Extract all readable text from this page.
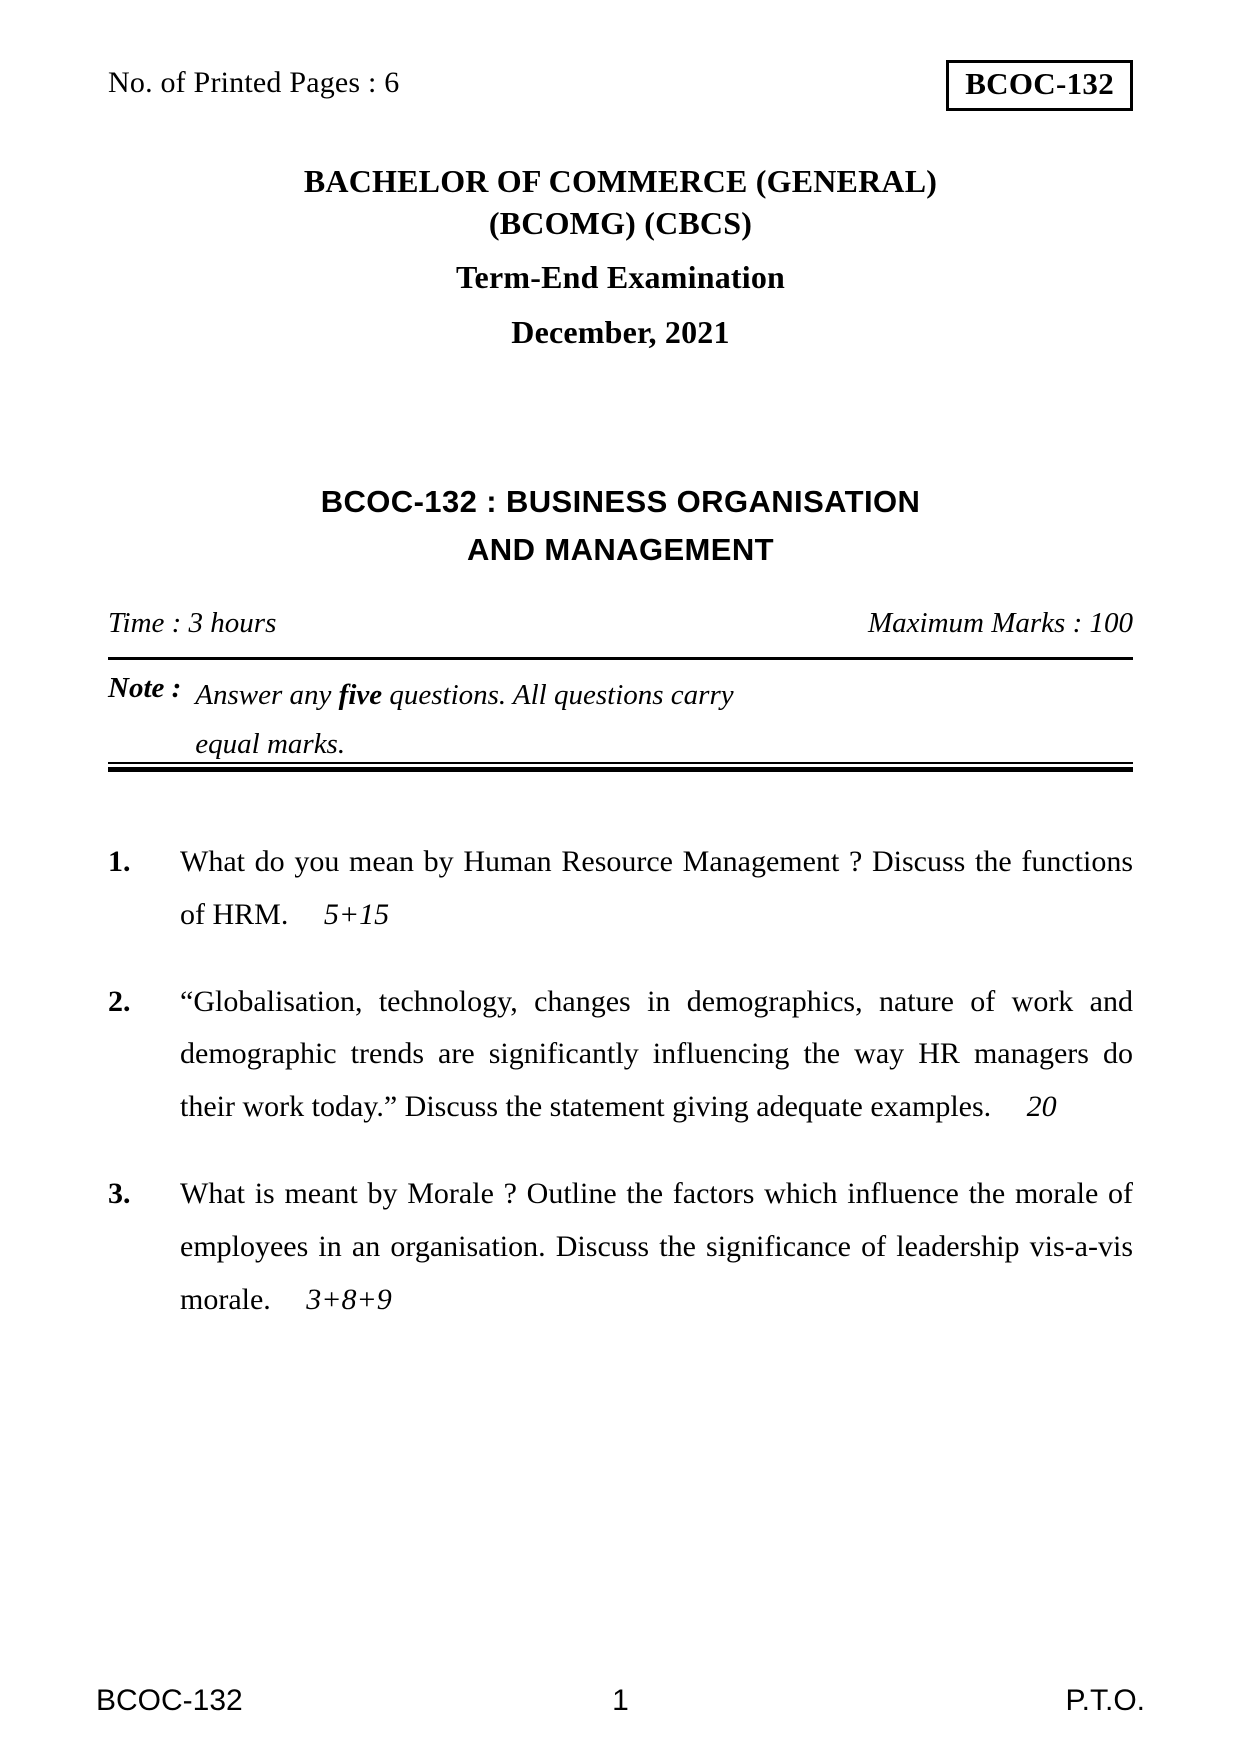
No. of Printed Pages : 6	BCOC-132
BACHELOR OF COMMERCE (GENERAL)
(BCOMG) (CBCS)
Term-End Examination
December, 2021
BCOC-132 : BUSINESS ORGANISATION
AND MANAGEMENT
Time : 3 hours	Maximum Marks : 100
Note : Answer any five questions. All questions carry
equal marks.
1.	What do you mean by Human Resource Management ? Discuss the functions of HRM. 5+15
2.	“Globalisation, technology, changes in demographics, nature of work and demographic trends are significantly influencing the way HR managers do their work today.” Discuss the statement giving adequate examples. 20
3.	What is meant by Morale ? Outline the factors which influence the morale of employees in an organisation. Discuss the significance of leadership vis-a-vis morale. 3+8+9
BCOC-132	1	P.T.O.
